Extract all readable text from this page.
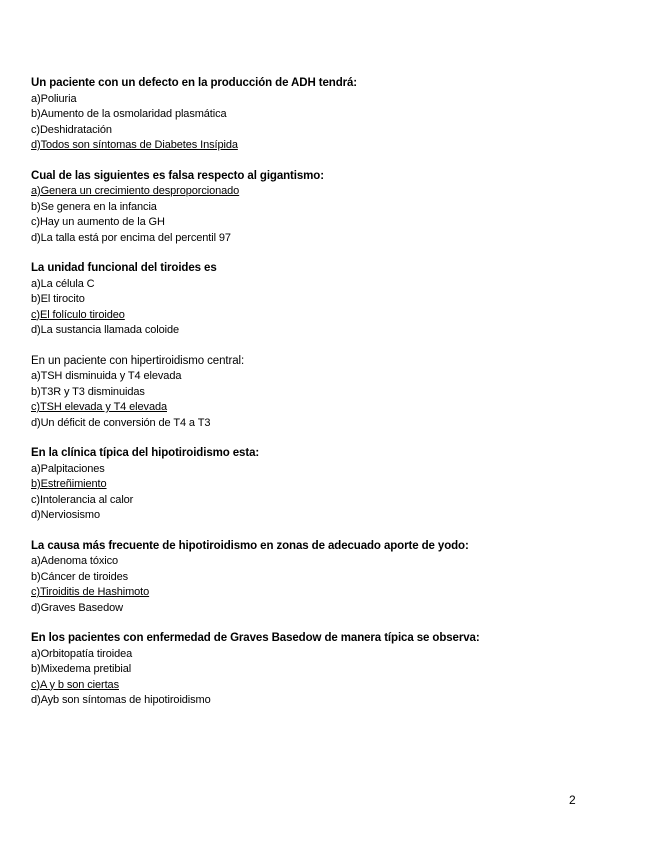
Un paciente con un defecto en la producción de ADH tendrá:
a)Poliuria
b)Aumento de la osmolaridad plasmática
c)Deshidratación
d)Todos son síntomas de Diabetes Insípida
Cual de las siguientes es falsa respecto al gigantismo:
a)Genera un crecimiento desproporcionado
b)Se genera en la infancia
c)Hay un aumento de la GH
d)La talla está por encima del percentil 97
La unidad funcional del tiroides es
a)La célula C
b)El tirocito
c)El folículo tiroideo
d)La sustancia llamada coloide
En un paciente con hipertiroidismo central:
a)TSH disminuida y T4 elevada
b)T3R y T3 disminuidas
c)TSH elevada y T4 elevada
d)Un déficit de conversión de T4 a T3
En la clínica típica del hipotiroidismo esta:
a)Palpitaciones
b)Estreñimiento
c)Intolerancia al calor
d)Nerviosismo
La causa más frecuente de hipotiroidismo en zonas de adecuado aporte de yodo:
a)Adenoma tóxico
b)Cáncer de tiroides
c)Tiroiditis de Hashimoto
d)Graves Basedow
En los pacientes con enfermedad de Graves Basedow de manera típica se observa:
a)Orbitopatía tiroidea
b)Mixedema pretibial
c)A y b son ciertas
d)Ayb son síntomas de hipotiroidismo
2
